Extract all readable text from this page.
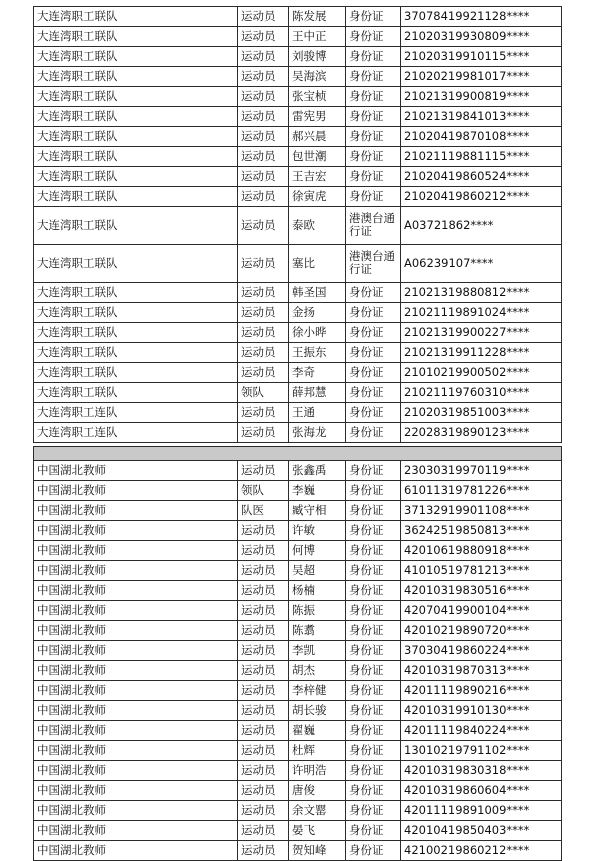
大连湾职工联队	运动员	陈发展	身份证	37078419921128****
大连湾职工联队	运动员	王中正	身份证	21020319930809****
大连湾职工联队	运动员	刘骏博	身份证	21020319910115****
大连湾职工联队	运动员	吴海滨	身份证	21020219981017****
大连湾职工联队	运动员	张宝桢	身份证	21021319900819****
大连湾职工联队	运动员	雷宪男	身份证	21021319841013****
大连湾职工联队	运动员	郝兴晨	身份证	21020419870108****
大连湾职工联队	运动员	包世潮	身份证	21021119881115****
大连湾职工联队	运动员	王吉宏	身份证	21020419860524****
大连湾职工联队	运动员	徐寅虎	身份证	21020419860212****
大连湾职工联队	运动员	泰欧	港澳台通行证	A03721862****
大连湾职工联队	运动员	塞比	港澳台通行证	A06239107****
大连湾职工联队	运动员	韩圣国	身份证	21021319880812****
大连湾职工联队	运动员	金扬	身份证	21021119891024****
大连湾职工联队	运动员	徐小晔	身份证	21021319900227****
大连湾职工联队	运动员	王振东	身份证	21021319911228****
大连湾职工联队	运动员	李奇	身份证	21010219900502****
大连湾职工联队	领队	薛邦慧	身份证	21021119760310****
大连湾职工连队	运动员	王通	身份证	21020319851003****
大连湾职工连队	运动员	张海龙	身份证	22028319890123****

中国湖北教师	运动员	张鑫禹	身份证	23030319970119****
中国湖北教师	领队	李巍	身份证	61011319781226****
中国湖北教师	队医	臧守相	身份证	37132919901108****
中国湖北教师	运动员	许敏	身份证	36242519850813****
中国湖北教师	运动员	何博	身份证	42010619880918****
中国湖北教师	运动员	吴超	身份证	41010519781213****
中国湖北教师	运动员	杨楠	身份证	42010319830516****
中国湖北教师	运动员	陈振	身份证	42070419900104****
中国湖北教师	运动员	陈翥	身份证	42010219890720****
中国湖北教师	运动员	李凯	身份证	37030419860224****
中国湖北教师	运动员	胡杰	身份证	42010319870313****
中国湖北教师	运动员	李梓健	身份证	42011119890216****
中国湖北教师	运动员	胡长骏	身份证	42010319910130****
中国湖北教师	运动员	翟巍	身份证	42011119840224****
中国湖北教师	运动员	杜辉	身份证	13010219791102****
中国湖北教师	运动员	许明浩	身份证	42010319830318****
中国湖北教师	运动员	唐俊	身份证	42010319860604****
中国湖北教师	运动员	余文罂	身份证	42011119891009****
中国湖北教师	运动员	晏飞	身份证	42010419850403****
中国湖北教师	运动员	贺知峰	身份证	42100219860212****
